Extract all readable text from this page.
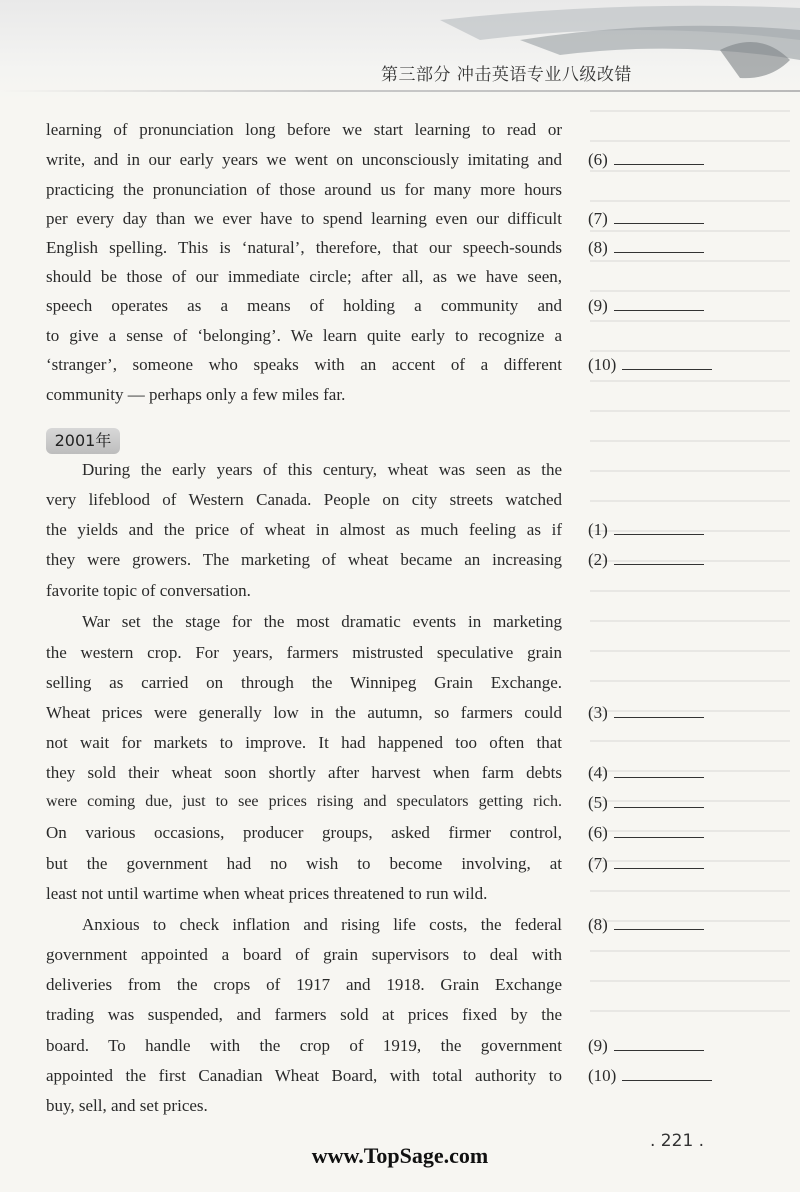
第三部分 冲击英语专业八级改错
learning of pronunciation long before we start learning to read or
write, and in our early years we went on unconsciously imitating and
practicing the pronunciation of those around us for many more hours
per every day than we ever have to spend learning even our difficult
English spelling. This is ‘natural’, therefore, that our speech-sounds
should be those of our immediate circle; after all, as we have seen,
speech operates as a means of holding a community and
to give a sense of ‘belonging’. We learn quite early to recognize a
‘stranger’, someone who speaks with an accent of a different
community — perhaps only a few miles far.
(6)
(7)
(8)
(9)
(10)
2001年
During the early years of this century, wheat was seen as the
very lifeblood of Western Canada. People on city streets watched
the yields and the price of wheat in almost as much feeling as if
they were growers. The marketing of wheat became an increasing
favorite topic of conversation.
War set the stage for the most dramatic events in marketing
the western crop. For years, farmers mistrusted speculative grain
selling as carried on through the Winnipeg Grain Exchange.
Wheat prices were generally low in the autumn, so farmers could
not wait for markets to improve. It had happened too often that
they sold their wheat soon shortly after harvest when farm debts
were coming due, just to see prices rising and speculators getting rich.
On various occasions, producer groups, asked firmer control,
but the government had no wish to become involving, at
least not until wartime when wheat prices threatened to run wild.
Anxious to check inflation and rising life costs, the federal
government appointed a board of grain supervisors to deal with
deliveries from the crops of 1917 and 1918. Grain Exchange
trading was suspended, and farmers sold at prices fixed by the
board. To handle with the crop of 1919, the government
appointed the first Canadian Wheat Board, with total authority to
buy, sell, and set prices.
(1)
(2)
(3)
(4)
(5)
(6)
(7)
(8)
(9)
(10)
. 221 .
www.TopSage.com
